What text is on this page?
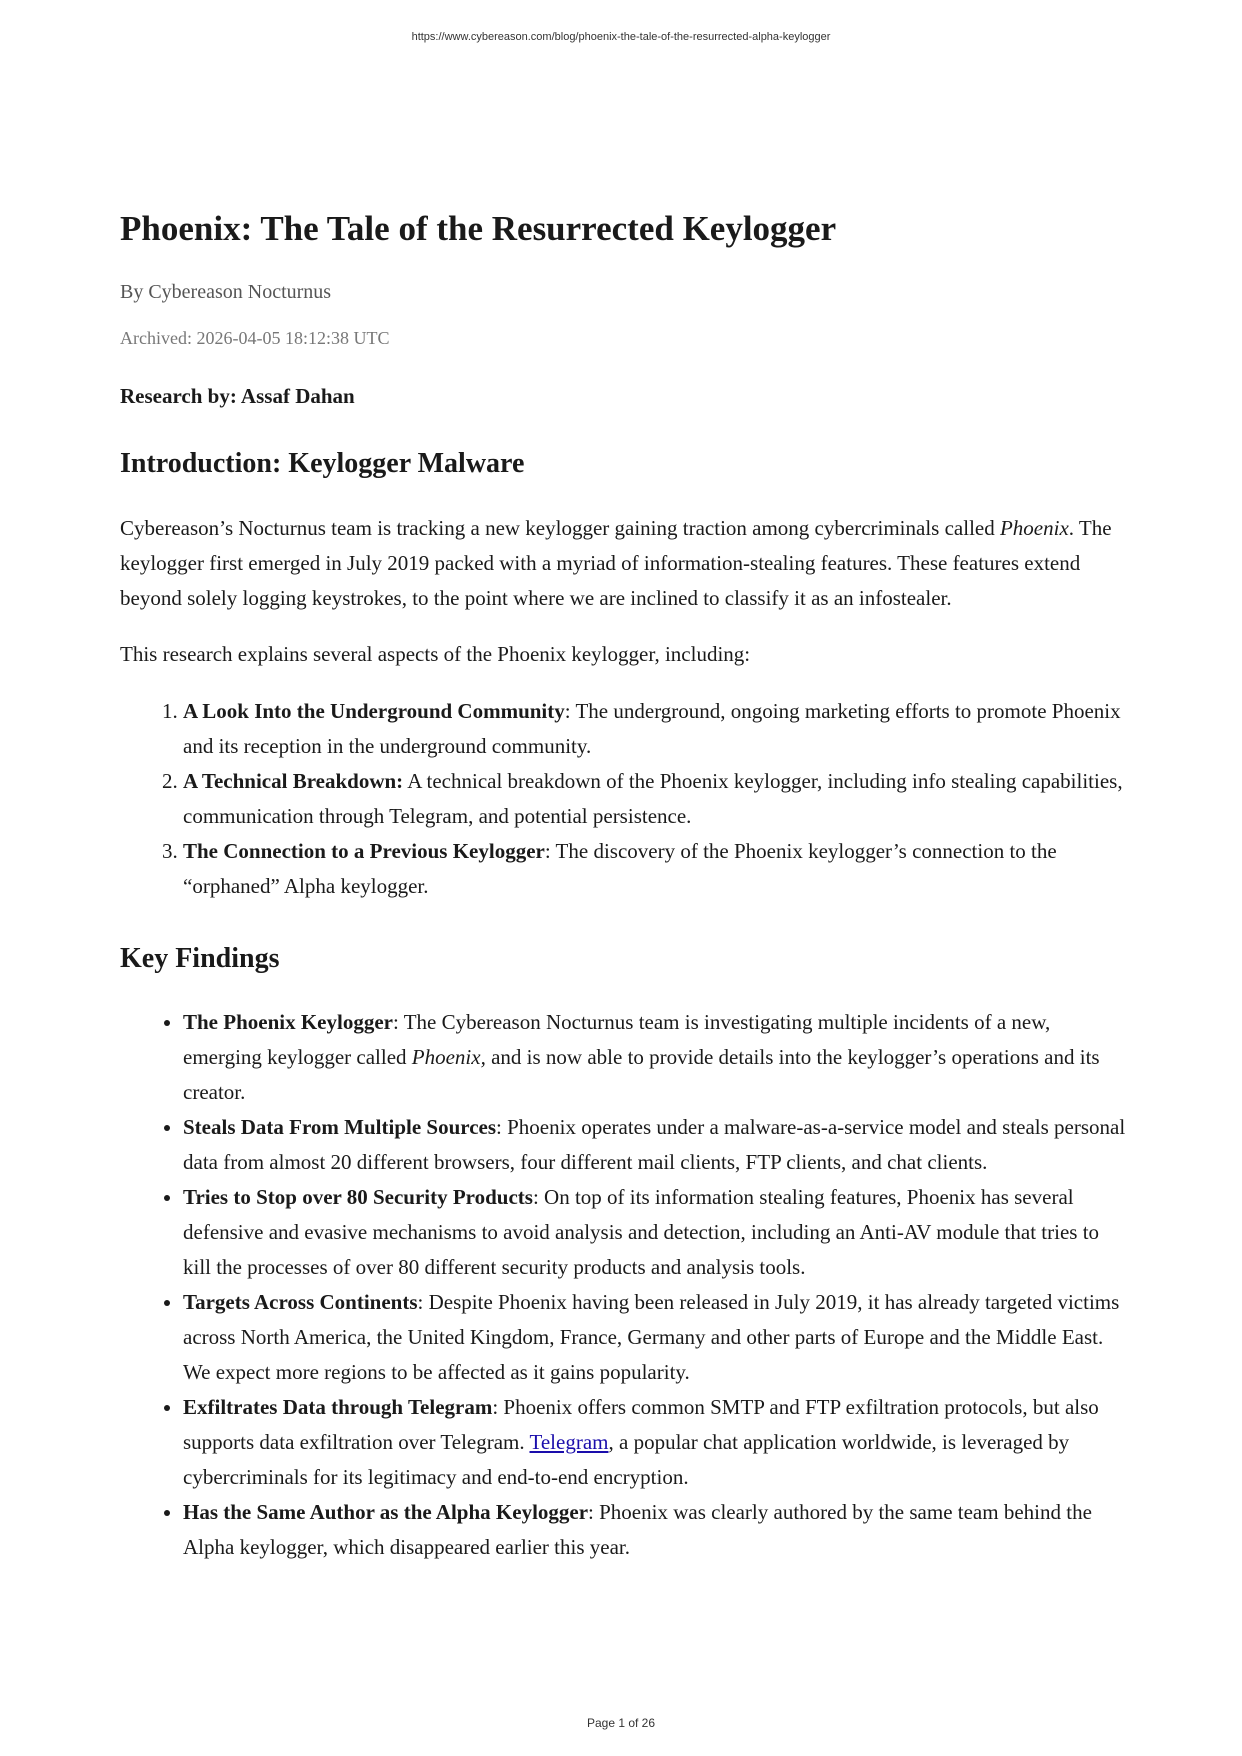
https://www.cybereason.com/blog/phoenix-the-tale-of-the-resurrected-alpha-keylogger
Phoenix: The Tale of the Resurrected Keylogger
By Cybereason Nocturnus
Archived: 2026-04-05 18:12:38 UTC
Research by: Assaf Dahan
Introduction: Keylogger Malware

Cybereason’s Nocturnus team is tracking a new keylogger gaining traction among cybercriminals called Phoenix. The keylogger first emerged in July 2019 packed with a myriad of information-stealing features. These features extend beyond solely logging keystrokes, to the point where we are inclined to classify it as an infostealer.

This research explains several aspects of the Phoenix keylogger, including:

1. A Look Into the Underground Community: The underground, ongoing marketing efforts to promote Phoenix and its reception in the underground community.
2. A Technical Breakdown: A technical breakdown of the Phoenix keylogger, including info stealing capabilities, communication through Telegram, and potential persistence.
3. The Connection to a Previous Keylogger: The discovery of the Phoenix keylogger’s connection to the “orphaned” Alpha keylogger.
Key Findings
• The Phoenix Keylogger: The Cybereason Nocturnus team is investigating multiple incidents of a new, emerging keylogger called Phoenix, and is now able to provide details into the keylogger’s operations and its creator.
• Steals Data From Multiple Sources: Phoenix operates under a malware-as-a-service model and steals personal data from almost 20 different browsers, four different mail clients, FTP clients, and chat clients.
• Tries to Stop over 80 Security Products: On top of its information stealing features, Phoenix has several defensive and evasive mechanisms to avoid analysis and detection, including an Anti-AV module that tries to kill the processes of over 80 different security products and analysis tools.
• Targets Across Continents: Despite Phoenix having been released in July 2019, it has already targeted victims across North America, the United Kingdom, France, Germany and other parts of Europe and the Middle East. We expect more regions to be affected as it gains popularity.
• Exfiltrates Data through Telegram: Phoenix offers common SMTP and FTP exfiltration protocols, but also supports data exfiltration over Telegram. Telegram, a popular chat application worldwide, is leveraged by cybercriminals for its legitimacy and end-to-end encryption.
• Has the Same Author as the Alpha Keylogger: Phoenix was clearly authored by the same team behind the Alpha keylogger, which disappeared earlier this year.
Page 1 of 26
